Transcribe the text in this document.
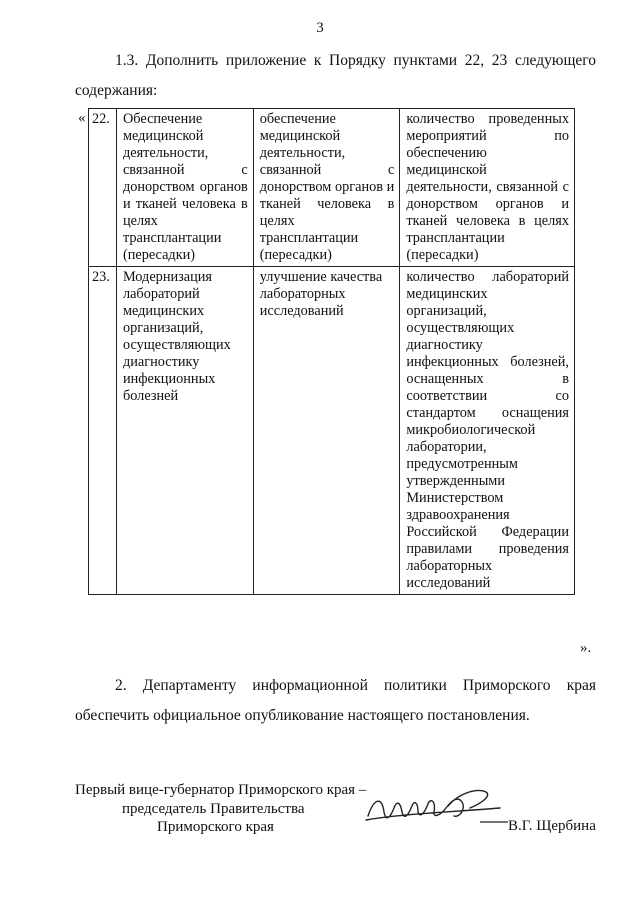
3
1.3. Дополнить приложение к Порядку пунктами 22, 23 следующего
содержания:
« 22.	Обеспечение медицинской деятельности, связанной с донорством органов и тканей человека в целях трансплантации (пересадки)	обеспечение медицинской деятельности, связанной с донорством органов и тканей человека в целях трансплантации (пересадки)	количество проведенных мероприятий по обеспечению медицинской деятельности, связанной с донорством органов и тканей человека в целях трансплантации (пересадки)
23.	Модернизация лабораторий медицинских организаций, осуществляющих диагностику инфекционных болезней	улучшение качества лабораторных исследований	количество лабораторий медицинских организаций, осуществляющих диагностику инфекционных болезней, оснащенных в соответствии со стандартом оснащения микробиологической лаборатории, предусмотренным утвержденными Министерством здравоохранения Российской Федерации правилами проведения лабораторных исследований
».
2. Департаменту информационной политики Приморского края
обеспечить официальное опубликование настоящего постановления.
Первый вице-губернатор Приморского края –
председатель Правительства
Приморского края	В.Г. Щербина
